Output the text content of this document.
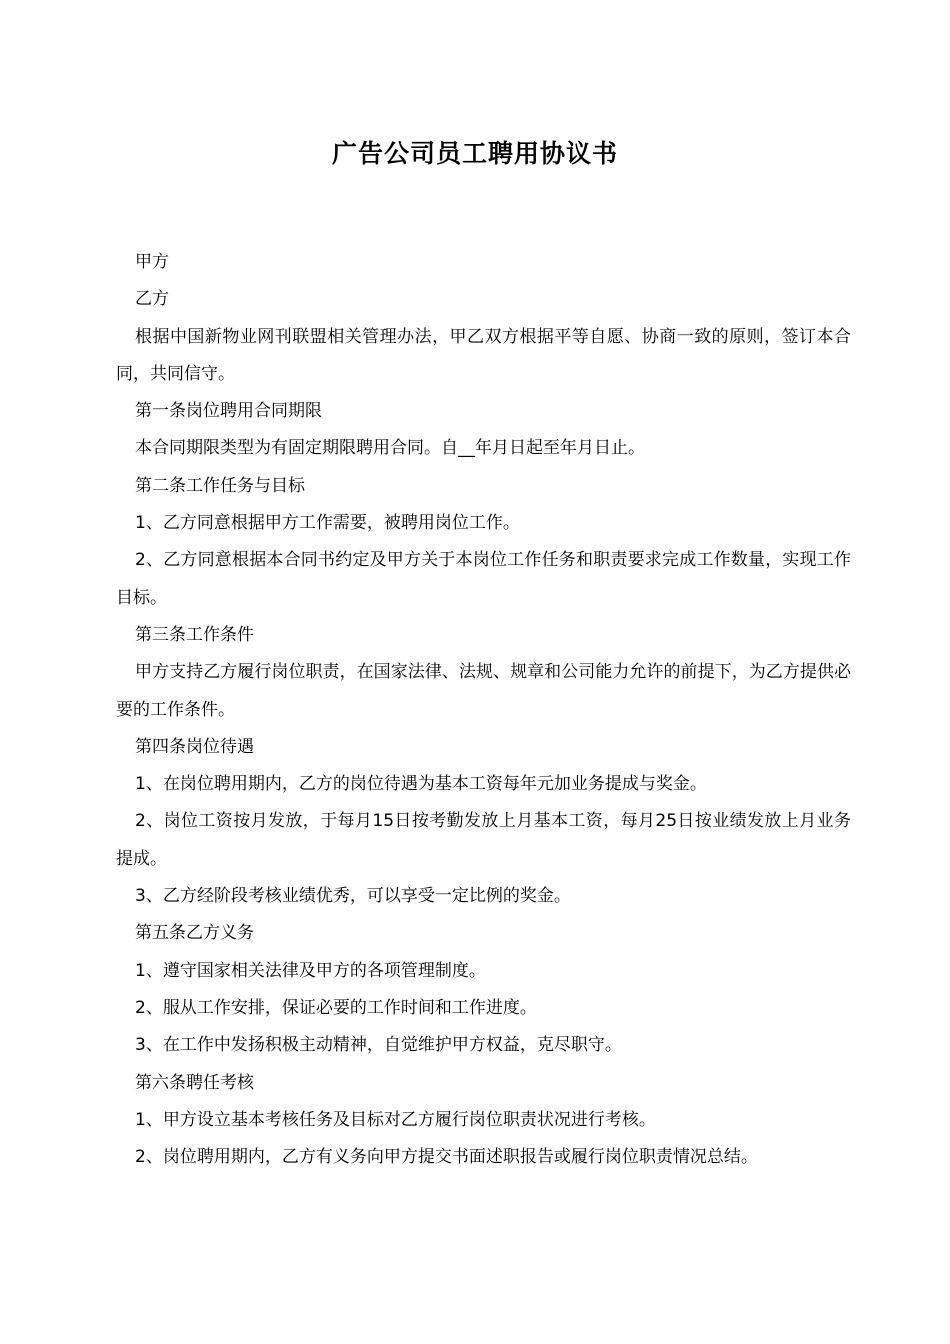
广告公司员工聘用协议书

甲方

乙方

根据中国新物业网刊联盟相关管理办法，甲乙双方根据平等自愿、协商一致的原则，签订本合同，共同信守。

第一条岗位聘用合同期限

本合同期限类型为有固定期限聘用合同。自__年月日起至年月日止。

第二条工作任务与目标

1、乙方同意根据甲方工作需要，被聘用岗位工作。

2、乙方同意根据本合同书约定及甲方关于本岗位工作任务和职责要求完成工作数量，实现工作目标。

第三条工作条件

甲方支持乙方履行岗位职责，在国家法律、法规、规章和公司能力允许的前提下，为乙方提供必要的工作条件。

第四条岗位待遇

1、在岗位聘用期内，乙方的岗位待遇为基本工资每年元加业务提成与奖金。

2、岗位工资按月发放，于每月15日按考勤发放上月基本工资，每月25日按业绩发放上月业务提成。

3、乙方经阶段考核业绩优秀，可以享受一定比例的奖金。

第五条乙方义务

1、遵守国家相关法律及甲方的各项管理制度。

2、服从工作安排，保证必要的工作时间和工作进度。

3、在工作中发扬积极主动精神，自觉维护甲方权益，克尽职守。

第六条聘任考核

1、甲方设立基本考核任务及目标对乙方履行岗位职责状况进行考核。

2、岗位聘用期内，乙方有义务向甲方提交书面述职报告或履行岗位职责情况总结。
